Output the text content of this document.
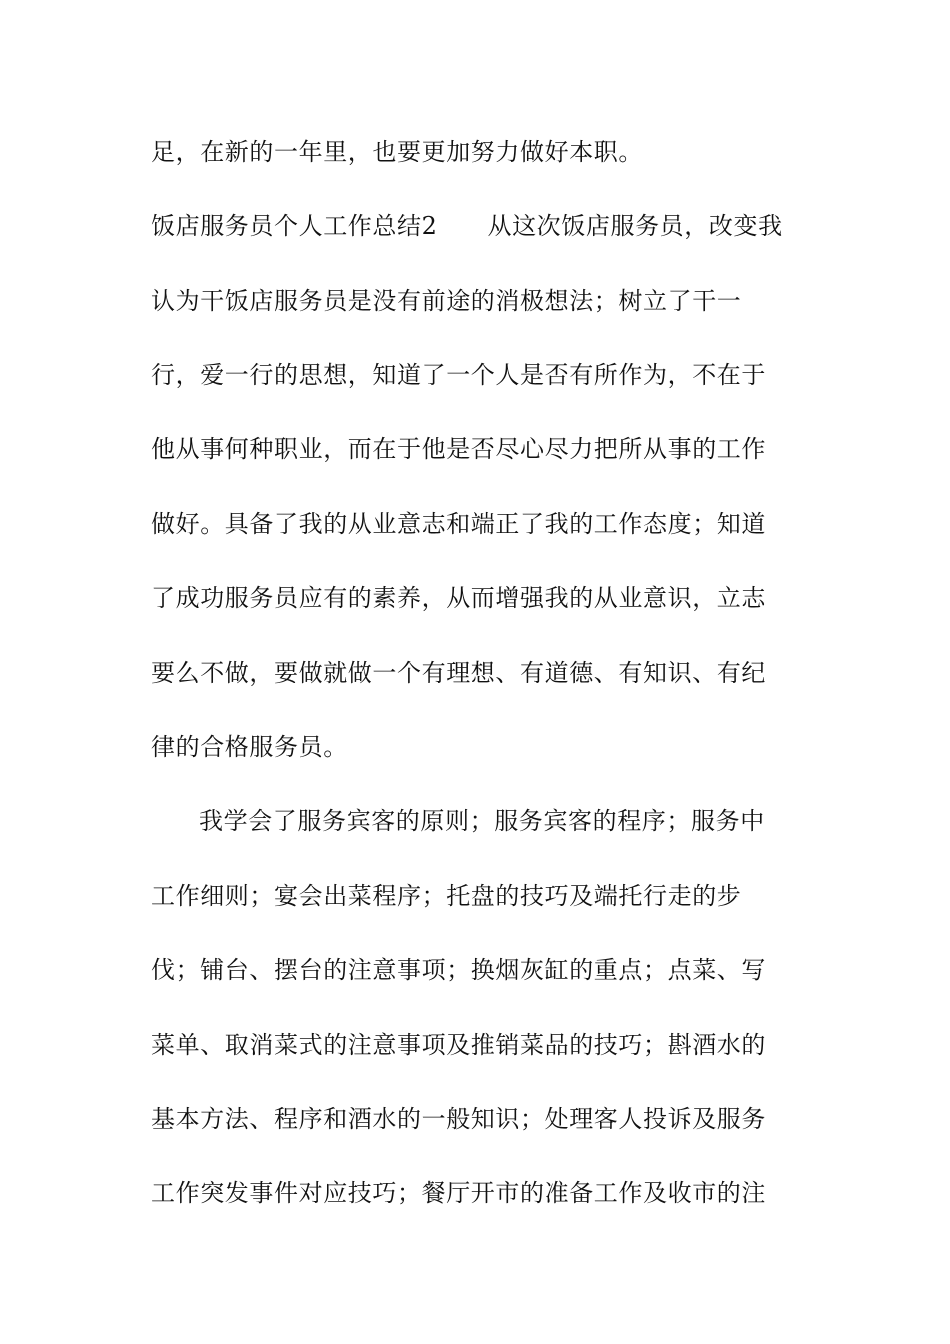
足，在新的一年里，也要更加努力做好本职。
饭店服务员个人工作总结2 从这次饭店服务员，改变我
认为干饭店服务员是没有前途的消极想法；树立了干一
行，爱一行的思想，知道了一个人是否有所作为，不在于
他从事何种职业，而在于他是否尽心尽力把所从事的工作
做好。具备了我的从业意志和端正了我的工作态度；知道
了成功服务员应有的素养，从而增强我的从业意识，立志
要么不做，要做就做一个有理想、有道德、有知识、有纪
律的合格服务员。
我学会了服务宾客的原则；服务宾客的程序；服务中
工作细则；宴会出菜程序；托盘的技巧及端托行走的步
伐；铺台、摆台的注意事项；换烟灰缸的重点；点菜、写
菜单、取消菜式的注意事项及推销菜品的技巧；斟酒水的
基本方法、程序和酒水的一般知识；处理客人投诉及服务
工作突发事件对应技巧；餐厅开市的准备工作及收市的注
